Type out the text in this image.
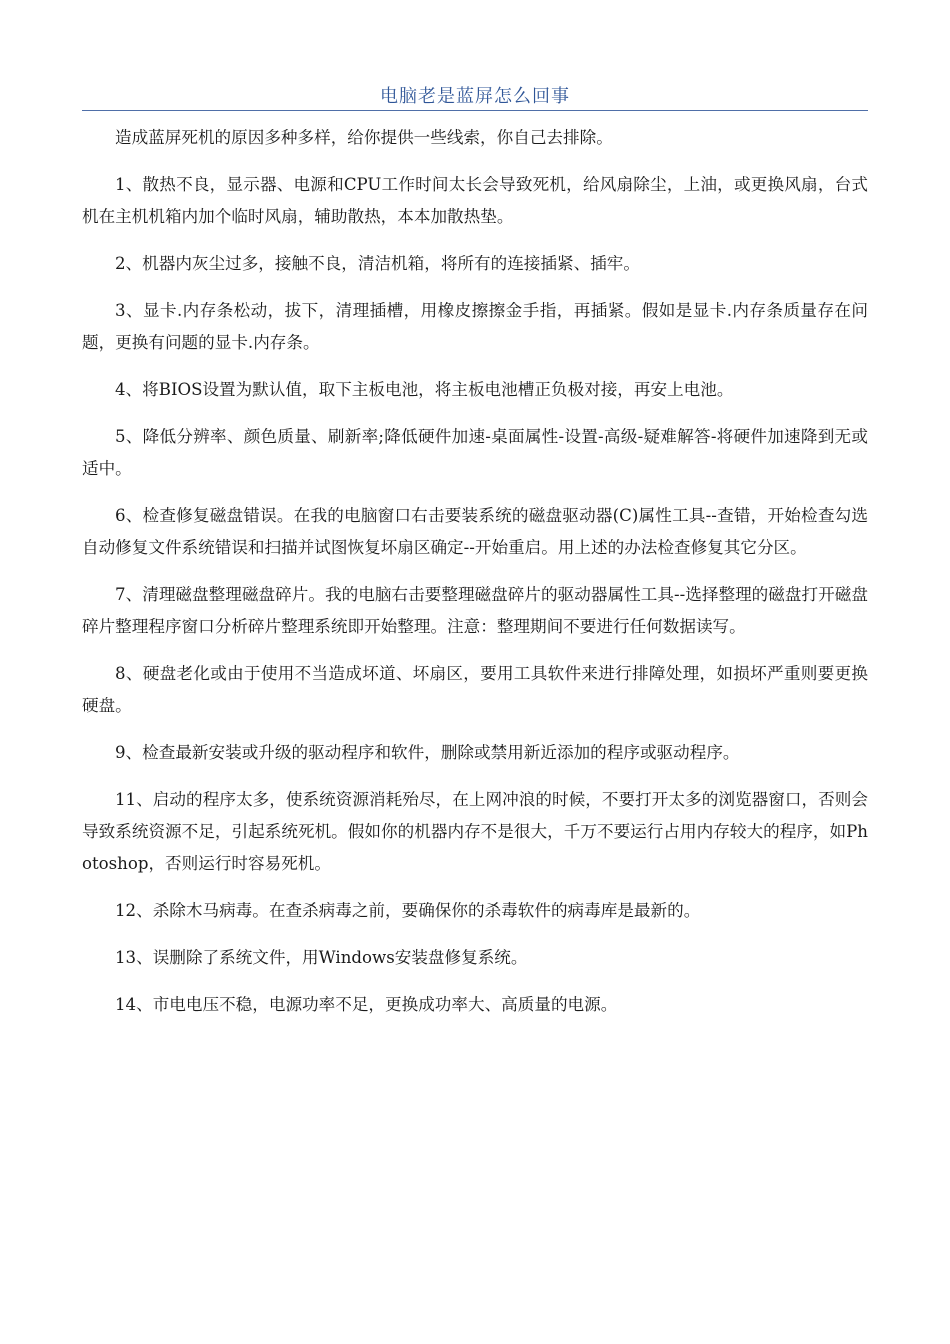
电脑老是蓝屏怎么回事

造成蓝屏死机的原因多种多样，给你提供一些线索，你自己去排除。

1、散热不良，显示器、电源和CPU工作时间太长会导致死机，给风扇除尘，上油，或更换风扇，台式机在主机机箱内加个临时风扇，辅助散热，本本加散热垫。

2、机器内灰尘过多，接触不良，清洁机箱，将所有的连接插紧、插牢。

3、显卡.内存条松动，拔下，清理插槽，用橡皮擦擦金手指，再插紧。假如是显卡.内存条质量存在问题，更换有问题的显卡.内存条。

4、将BIOS设置为默认值，取下主板电池，将主板电池槽正负极对接，再安上电池。

5、降低分辨率、颜色质量、刷新率;降低硬件加速-桌面属性-设置-高级-疑难解答-将硬件加速降到无或适中。

6、检查修复磁盘错误。在我的电脑窗口右击要装系统的磁盘驱动器(C)属性工具--查错，开始检查勾选自动修复文件系统错误和扫描并试图恢复坏扇区确定--开始重启。用上述的办法检查修复其它分区。

7、清理磁盘整理磁盘碎片。我的电脑右击要整理磁盘碎片的驱动器属性工具--选择整理的磁盘打开磁盘碎片整理程序窗口分析碎片整理系统即开始整理。注意：整理期间不要进行任何数据读写。

8、硬盘老化或由于使用不当造成坏道、坏扇区，要用工具软件来进行排障处理，如损坏严重则要更换硬盘。

9、检查最新安装或升级的驱动程序和软件，删除或禁用新近添加的程序或驱动程序。

11、启动的程序太多，使系统资源消耗殆尽，在上网冲浪的时候，不要打开太多的浏览器窗口，否则会导致系统资源不足，引起系统死机。假如你的机器内存不是很大，千万不要运行占用内存较大的程序，如Photoshop，否则运行时容易死机。

12、杀除木马病毒。在查杀病毒之前，要确保你的杀毒软件的病毒库是最新的。

13、误删除了系统文件，用Windows安装盘修复系统。

14、市电电压不稳，电源功率不足，更换成功率大、高质量的电源。
